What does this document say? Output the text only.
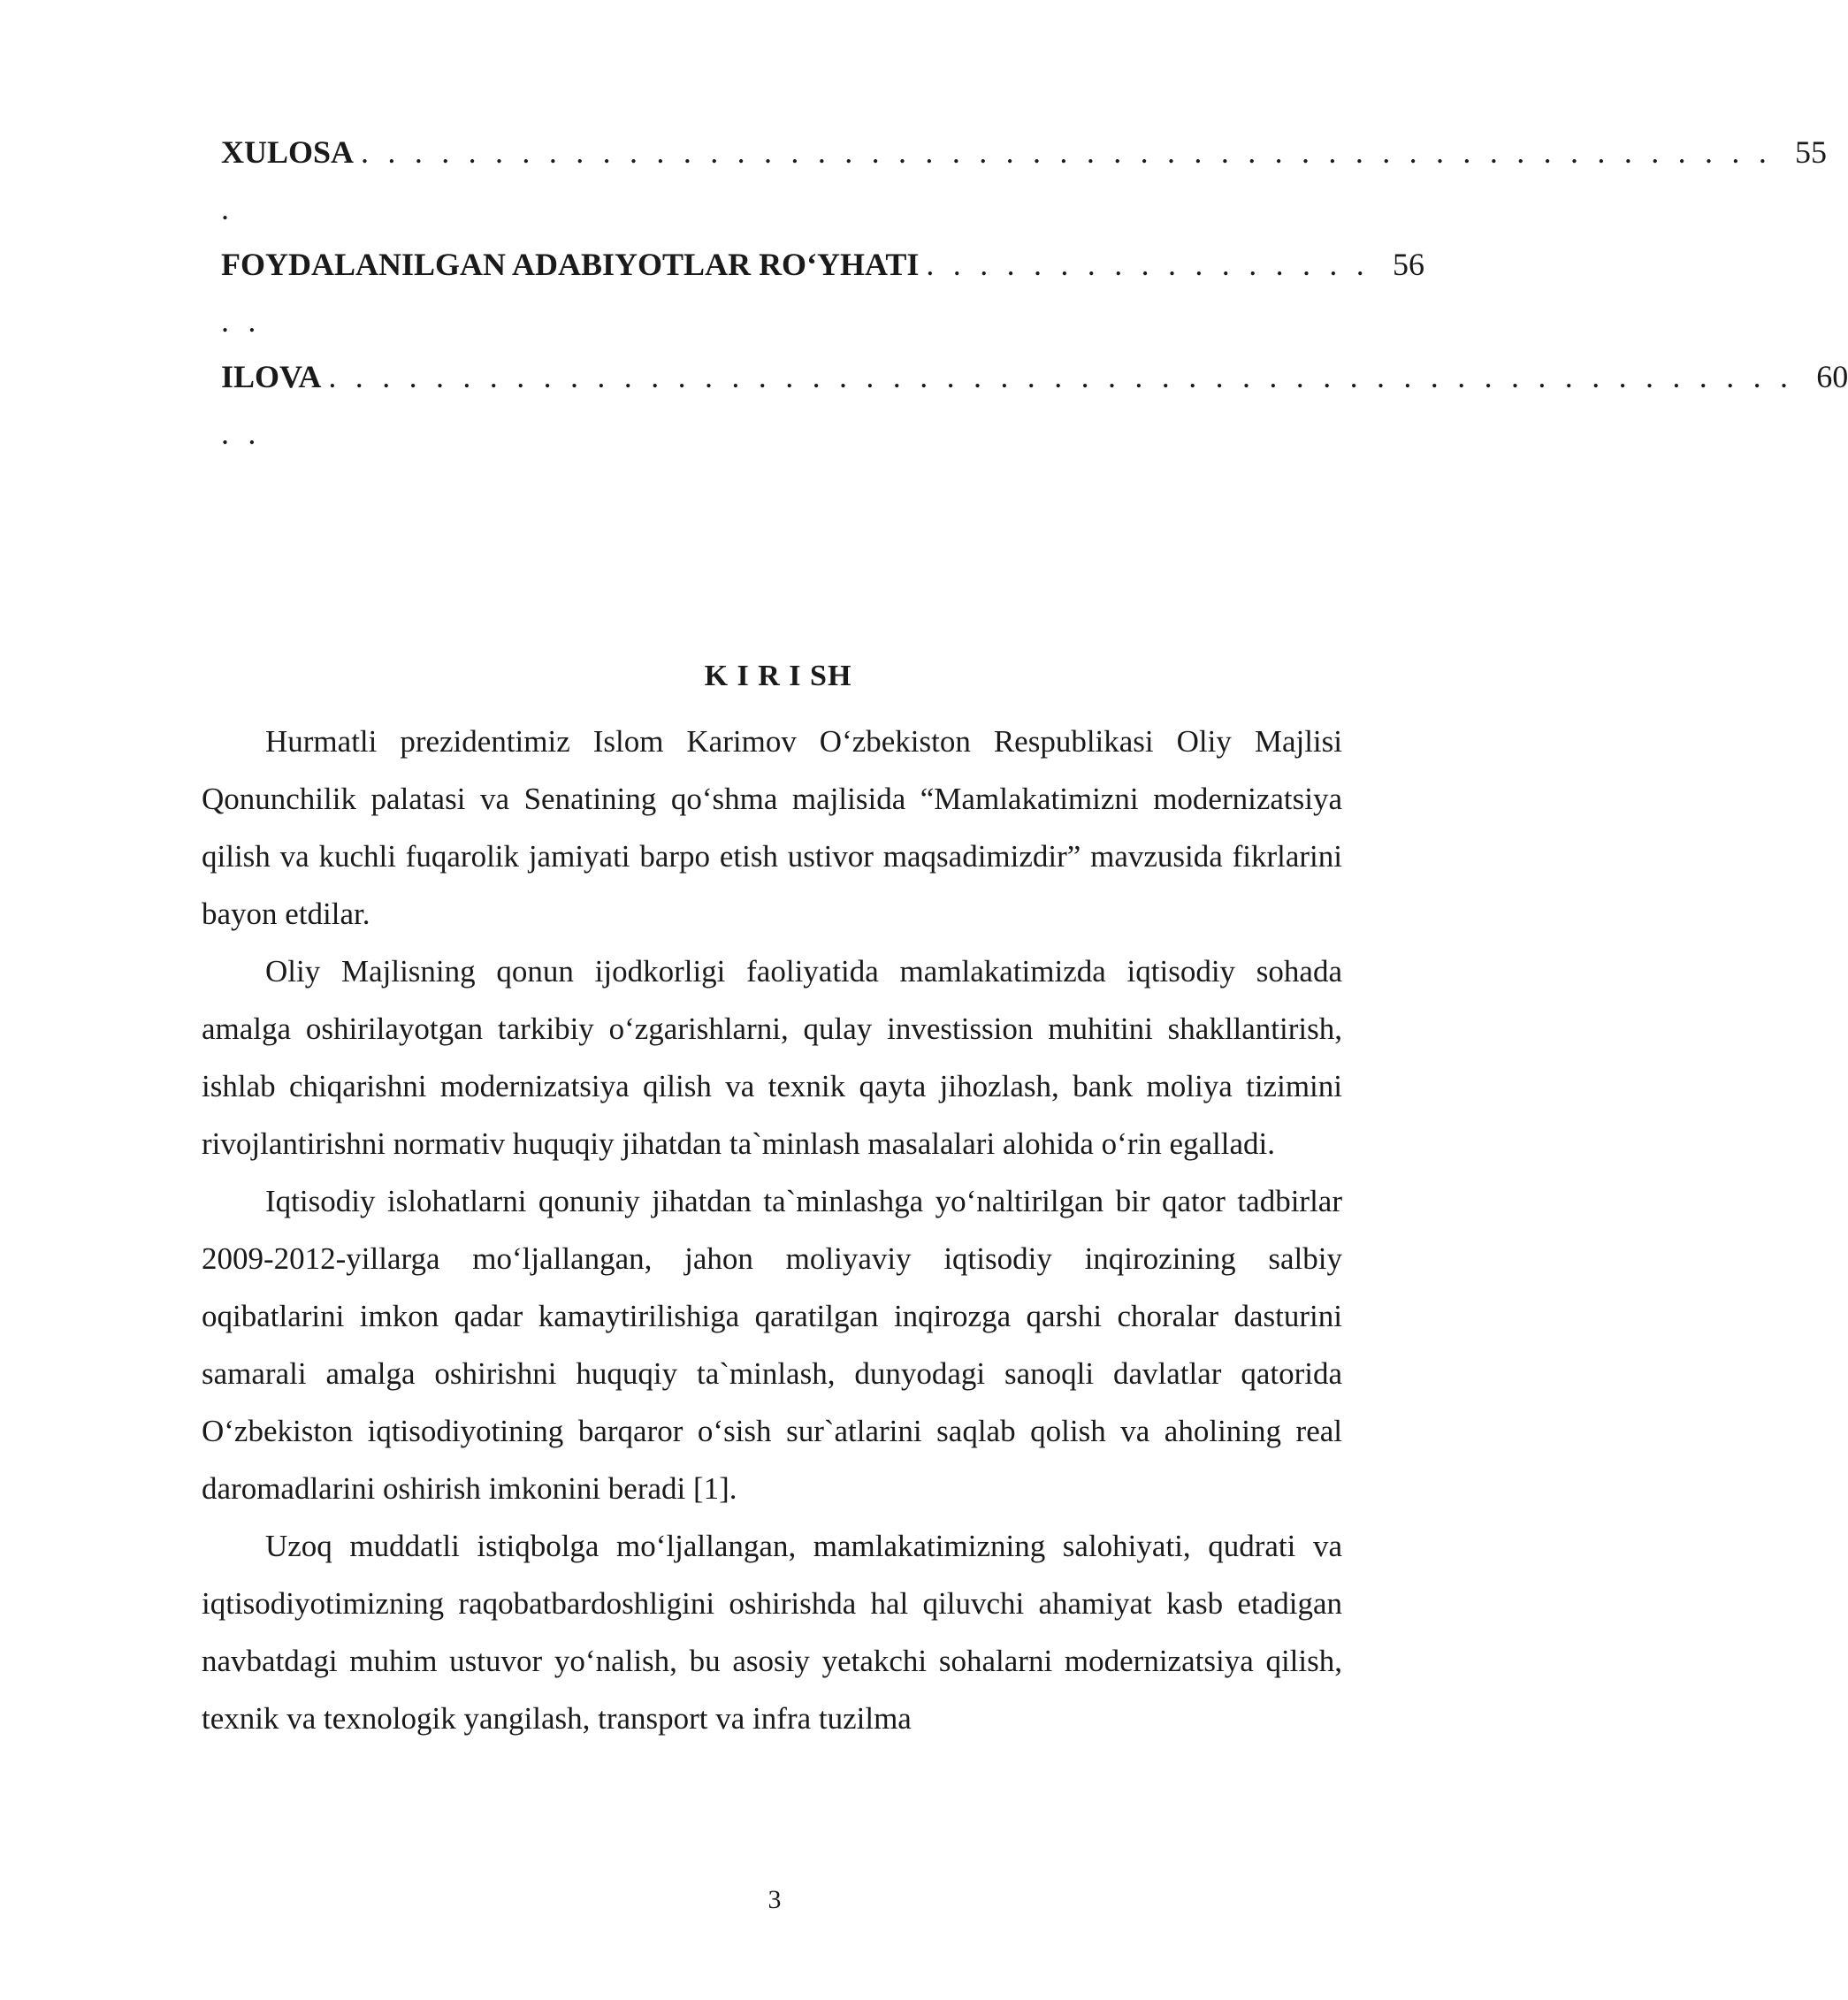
XULOSA . . . . . . . . . . . . . . . . . . . . . . . . . . . . . . . . . . . . . . . . . . . . . . . . . . . . . 55
.
FOYDALANILGAN ADABIYOTLAR RO‘YHATI . . . . . . . . . . . . . . . . . 56
. .
ILOVA . . . . . . . . . . . . . . . . . . . . . . . . . . . . . . . . . . . . . . . . . . . . . . . . . . . . . . . 60
. .
K I R I SH

Hurmatli prezidentimiz Islom Karimov O‘zbekiston Respublikasi Oliy Majlisi Qonunchilik palatasi va Senatining qo‘shma majlisida “Mamlakatimizni modernizatsiya qilish va kuchli fuqarolik jamiyati barpo etish ustivor maqsadimizdir” mavzusida fikrlarini bayon etdilar.

Oliy Majlisning qonun ijodkorligi faoliyatida mamlakatimizda iqtisodiy sohada amalga oshirilayotgan tarkibiy o‘zgarishlarni, qulay investission muhitini shakllantirish, ishlab chiqarishni modernizatsiya qilish va texnik qayta jihozlash, bank moliya tizimini rivojlantirishni normativ huquqiy jihatdan ta`minlash masalalari alohida o‘rin egalladi.

Iqtisodiy islohatlarni qonuniy jihatdan ta`minlashga yo‘naltirilgan bir qator tadbirlar 2009-2012-yillarga mo‘ljallangan, jahon moliyaviy iqtisodiy inqirozining salbiy oqibatlarini imkon qadar kamaytirilishiga qaratilgan inqirozga qarshi choralar dasturini samarali amalga oshirishni huquqiy ta`minlash, dunyodagi sanoqli davlatlar qatorida O‘zbekiston iqtisodiyotining barqaror o‘sish sur`atlarini saqlab qolish va aholining real daromadlarini oshirish imkonini beradi [1].

Uzoq muddatli istiqbolga mo‘ljallangan, mamlakatimizning salohiyati, qudrati va iqtisodiyotimizning raqobatbardoshligini oshirishda hal qiluvchi ahamiyat kasb etadigan navbatdagi muhim ustuvor yo‘nalish, bu asosiy yetakchi sohalarni modernizatsiya qilish, texnik va texnologik yangilash, transport va infra tuzilma

3
